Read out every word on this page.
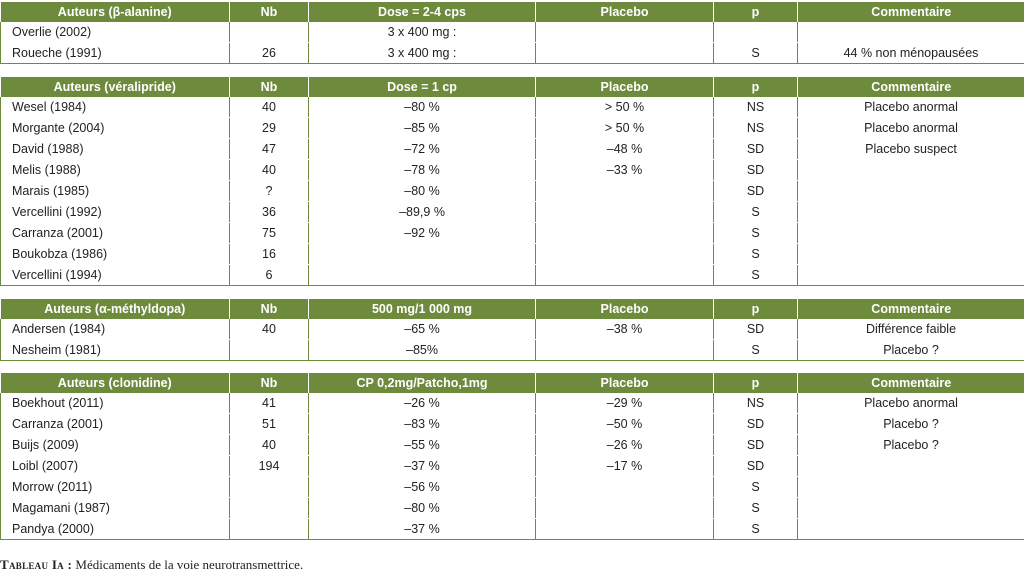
Auteurs (β-alanine)	Nb	Dose = 2-4 cps	Placebo	p	Commentaire
Overlie (2002)		3 x 400 mg :			
Roueche (1991)	26	3 x 400 mg :		S	44 % non ménopausées
Auteurs (véralipride)	Nb	Dose = 1 cp	Placebo	p	Commentaire
Wesel (1984)	40	–80 %	> 50 %	NS	Placebo anormal
Morgante (2004)	29	–85 %	> 50 %	NS	Placebo anormal
David (1988)	47	–72 %	–48 %	SD	Placebo suspect
Melis (1988)	40	–78 %	–33 %	SD	
Marais (1985)	?	–80 %		SD	
Vercellini (1992)	36	–89,9 %		S	
Carranza (2001)	75	–92 %		S	
Boukobza (1986)	16			S	
Vercellini (1994)	6			S	
Auteurs (α-méthyldopa)	Nb	500 mg/1 000 mg	Placebo	p	Commentaire
Andersen (1984)	40	–65 %	–38 %	SD	Différence faible
Nesheim (1981)		–85%		S	Placebo ?
Auteurs (clonidine)	Nb	CP 0,2mg/Patcho,1mg	Placebo	p	Commentaire
Boekhout (2011)	41	–26 %	–29 %	NS	Placebo anormal
Carranza (2001)	51	–83 %	–50 %	SD	Placebo ?
Buijs (2009)	40	–55 %	–26 %	SD	Placebo ?
Loibl (2007)	194	–37 %	–17 %	SD	
Morrow (2011)		–56 %		S	
Magamani (1987)		–80 %		S	
Pandya (2000)		–37 %		S	
Tableau Ia : Médicaments de la voie neurotransmettrice.
